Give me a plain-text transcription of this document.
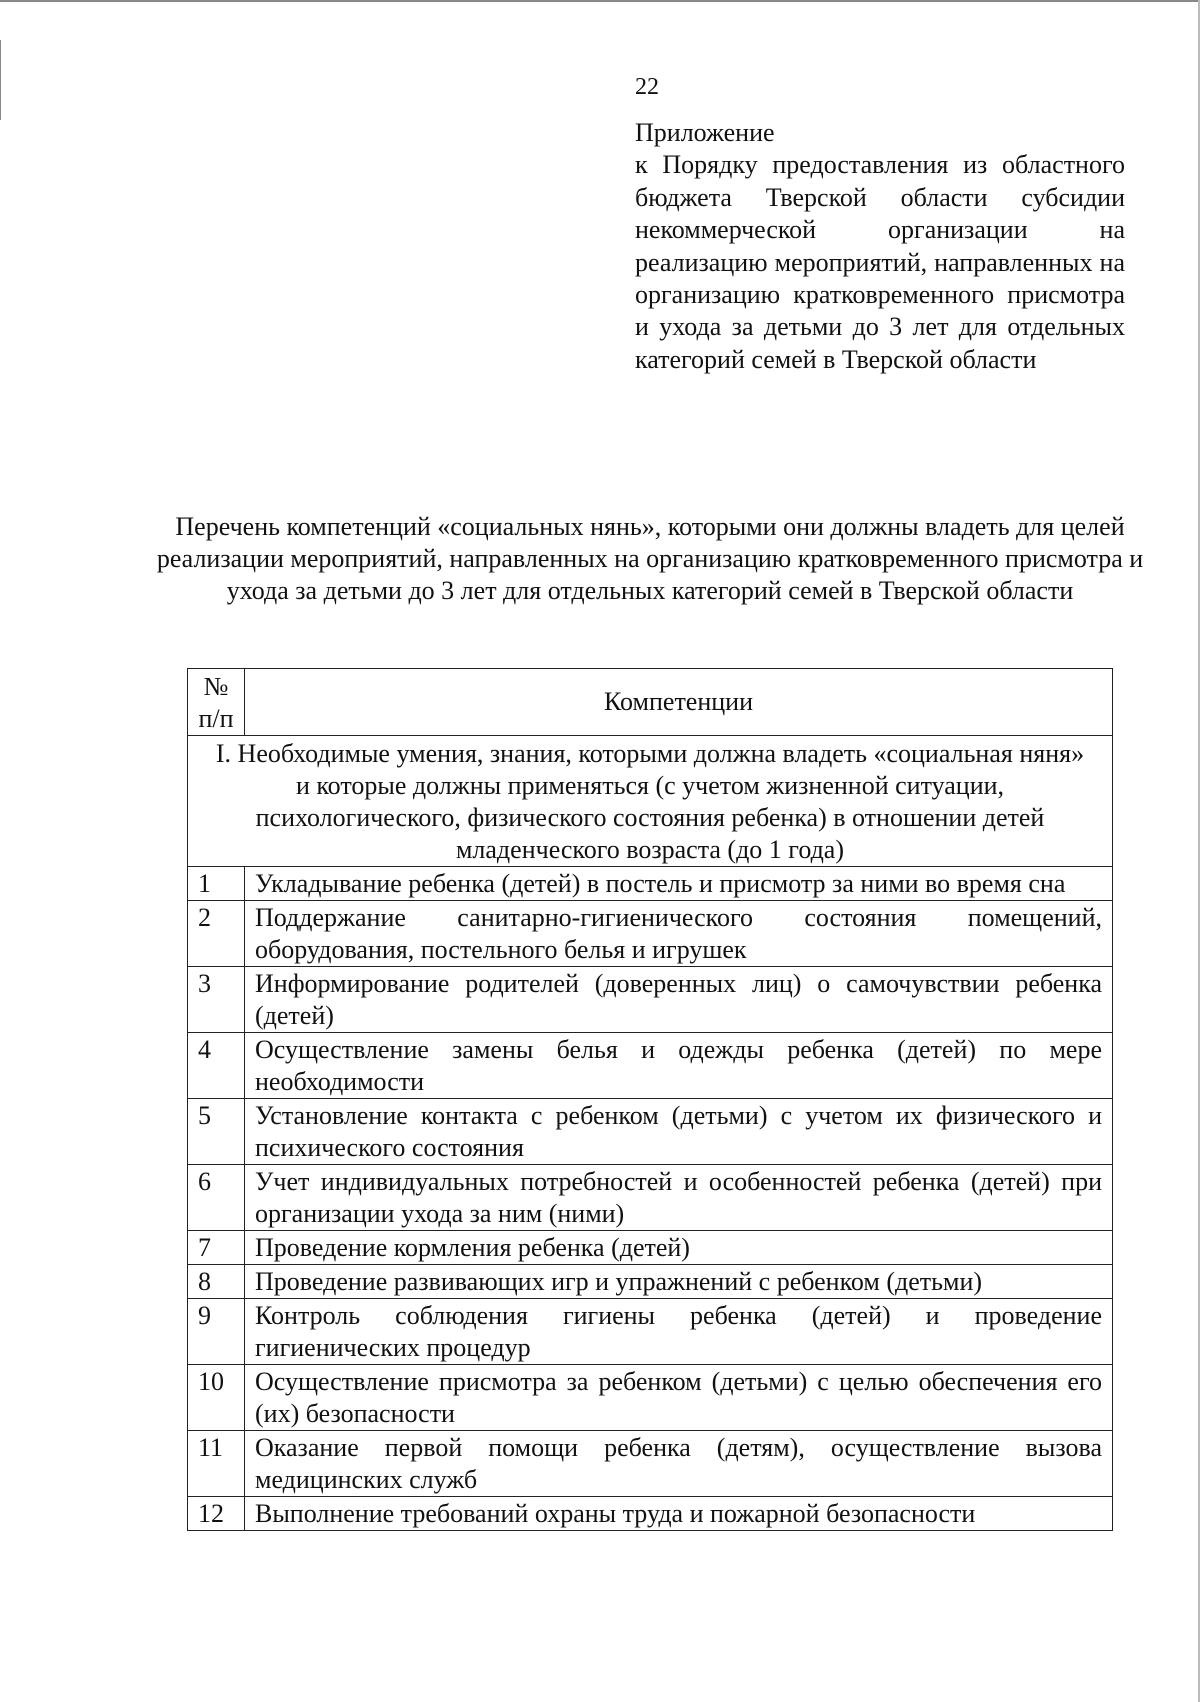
22
Приложение
к Порядку предоставления из областного бюджета Тверской области субсидии некоммерческой организации на реализацию мероприятий, направленных на организацию кратковременного присмотра и ухода за детьми до 3 лет для отдельных категорий семей в Тверской области
Перечень компетенций «социальных нянь», которыми они должны владеть для целей реализации мероприятий, направленных на организацию кратковременного присмотра и ухода за детьми до 3 лет для отдельных категорий семей в Тверской области
№ п/п	Компетенции
I. Необходимые умения, знания, которыми должна владеть «социальная няня» и которые должны применяться (с учетом жизненной ситуации, психологического, физического состояния ребенка) в отношении детей младенческого возраста (до 1 года)	
1	Укладывание ребенка (детей) в постель и присмотр за ними во время сна
2	Поддержание санитарно-гигиенического состояния помещений, оборудования, постельного белья и игрушек
3	Информирование родителей (доверенных лиц) о самочувствии ребенка (детей)
4	Осуществление замены белья и одежды ребенка (детей) по мере необходимости
5	Установление контакта с ребенком (детьми) с учетом их физического и психического состояния
6	Учет индивидуальных потребностей и особенностей ребенка (детей) при организации ухода за ним (ними)
7	Проведение кормления ребенка (детей)
8	Проведение развивающих игр и упражнений с ребенком (детьми)
9	Контроль соблюдения гигиены ребенка (детей) и проведение гигиенических процедур
10	Осуществление присмотра за ребенком (детьми) с целью обеспечения его (их) безопасности
11	Оказание первой помощи ребенка (детям), осуществление вызова медицинских служб
12	Выполнение требований охраны труда и пожарной безопасности
